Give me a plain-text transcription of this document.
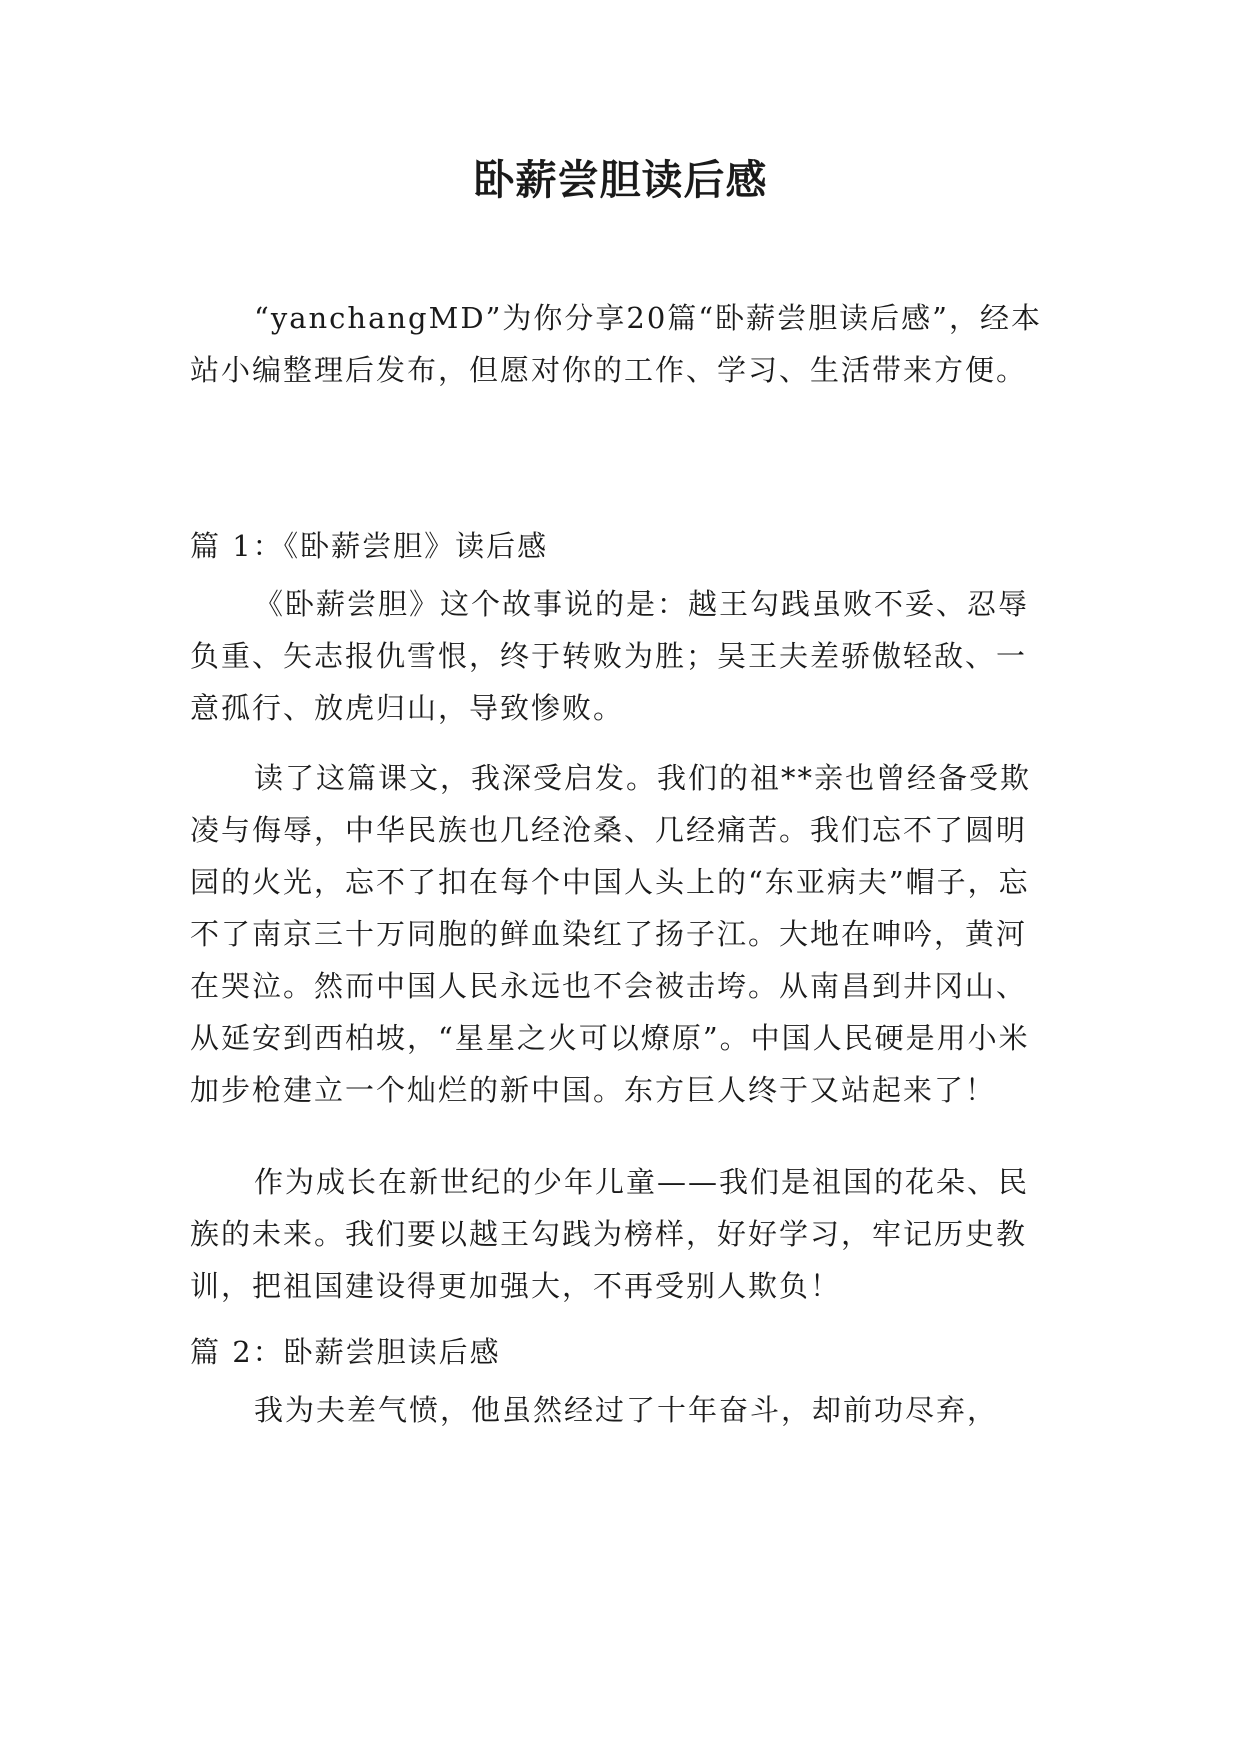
卧薪尝胆读后感

“yanchangMD”为你分享20篇“卧薪尝胆读后感”，经本站小编整理后发布，但愿对你的工作、学习、生活带来方便。

篇 1：《卧薪尝胆》读后感

《卧薪尝胆》这个故事说的是：越王勾践虽败不妥、忍辱负重、矢志报仇雪恨，终于转败为胜；吴王夫差骄傲轻敌、一意孤行、放虎归山，导致惨败。

读了这篇课文，我深受启发。我们的祖**亲也曾经备受欺凌与侮辱，中华民族也几经沧桑、几经痛苦。我们忘不了圆明园的火光，忘不了扣在每个中国人头上的“东亚病夫”帽子，忘不了南京三十万同胞的鲜血染红了扬子江。大地在呻吟，黄河在哭泣。然而中国人民永远也不会被击垮。从南昌到井冈山、从延安到西柏坡，“星星之火可以燎原”。中国人民硬是用小米加步枪建立一个灿烂的新中国。东方巨人终于又站起来了！

作为成长在新世纪的少年儿童——我们是祖国的花朵、民族的未来。我们要以越王勾践为榜样，好好学习，牢记历史教训，把祖国建设得更加强大，不再受别人欺负！

篇 2：卧薪尝胆读后感

我为夫差气愤，他虽然经过了十年奋斗，却前功尽弃，
